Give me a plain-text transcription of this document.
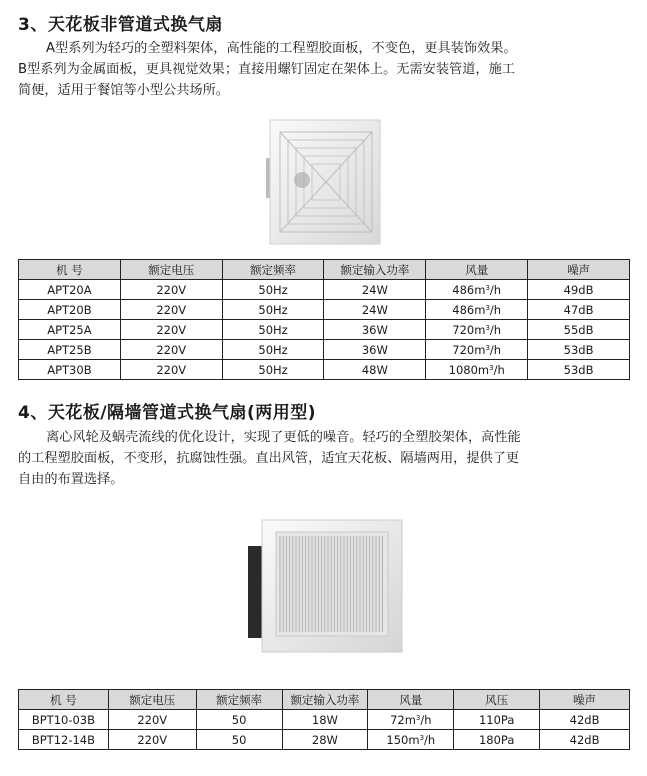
3、天花板非管道式换气扇
A型系列为轻巧的全塑料架体，高性能的工程塑胶面板，不变色，更具装饰效果。
B型系列为金属面板，更具视觉效果；直接用螺钉固定在架体上。无需安装管道，施工
简便，适用于餐馆等小型公共场所。
机 号	额定电压	额定频率	额定输入功率	风量	噪声
APT20A	220V	50Hz	24W	$486m^3/h$	49dB
APT20B	220V	50Hz	24W	$486m^3/h$	47dB
APT25A	220V	50Hz	36W	$720m^3/h$	55dB
APT25B	220V	50Hz	36W	$720m^3/h$	53dB
APT30B	220V	50Hz	48W	$1080m^3/h$	53dB
4、天花板/隔墙管道式换气扇(两用型)
离心风轮及蜗壳流线的优化设计，实现了更低的噪音。轻巧的全塑胶架体，高性能
的工程塑胶面板，不变形，抗腐蚀性强。直出风管，适宜天花板、隔墙两用，提供了更
自由的布置选择。
机 号	额定电压	额定频率	额定输入功率	风量	风压	噪声
BPT10-03B	220V	50	18W	$72m^3/h$	110Pa	42dB
BPT12-14B	220V	50	28W	$150m^3/h$	180Pa	42dB
